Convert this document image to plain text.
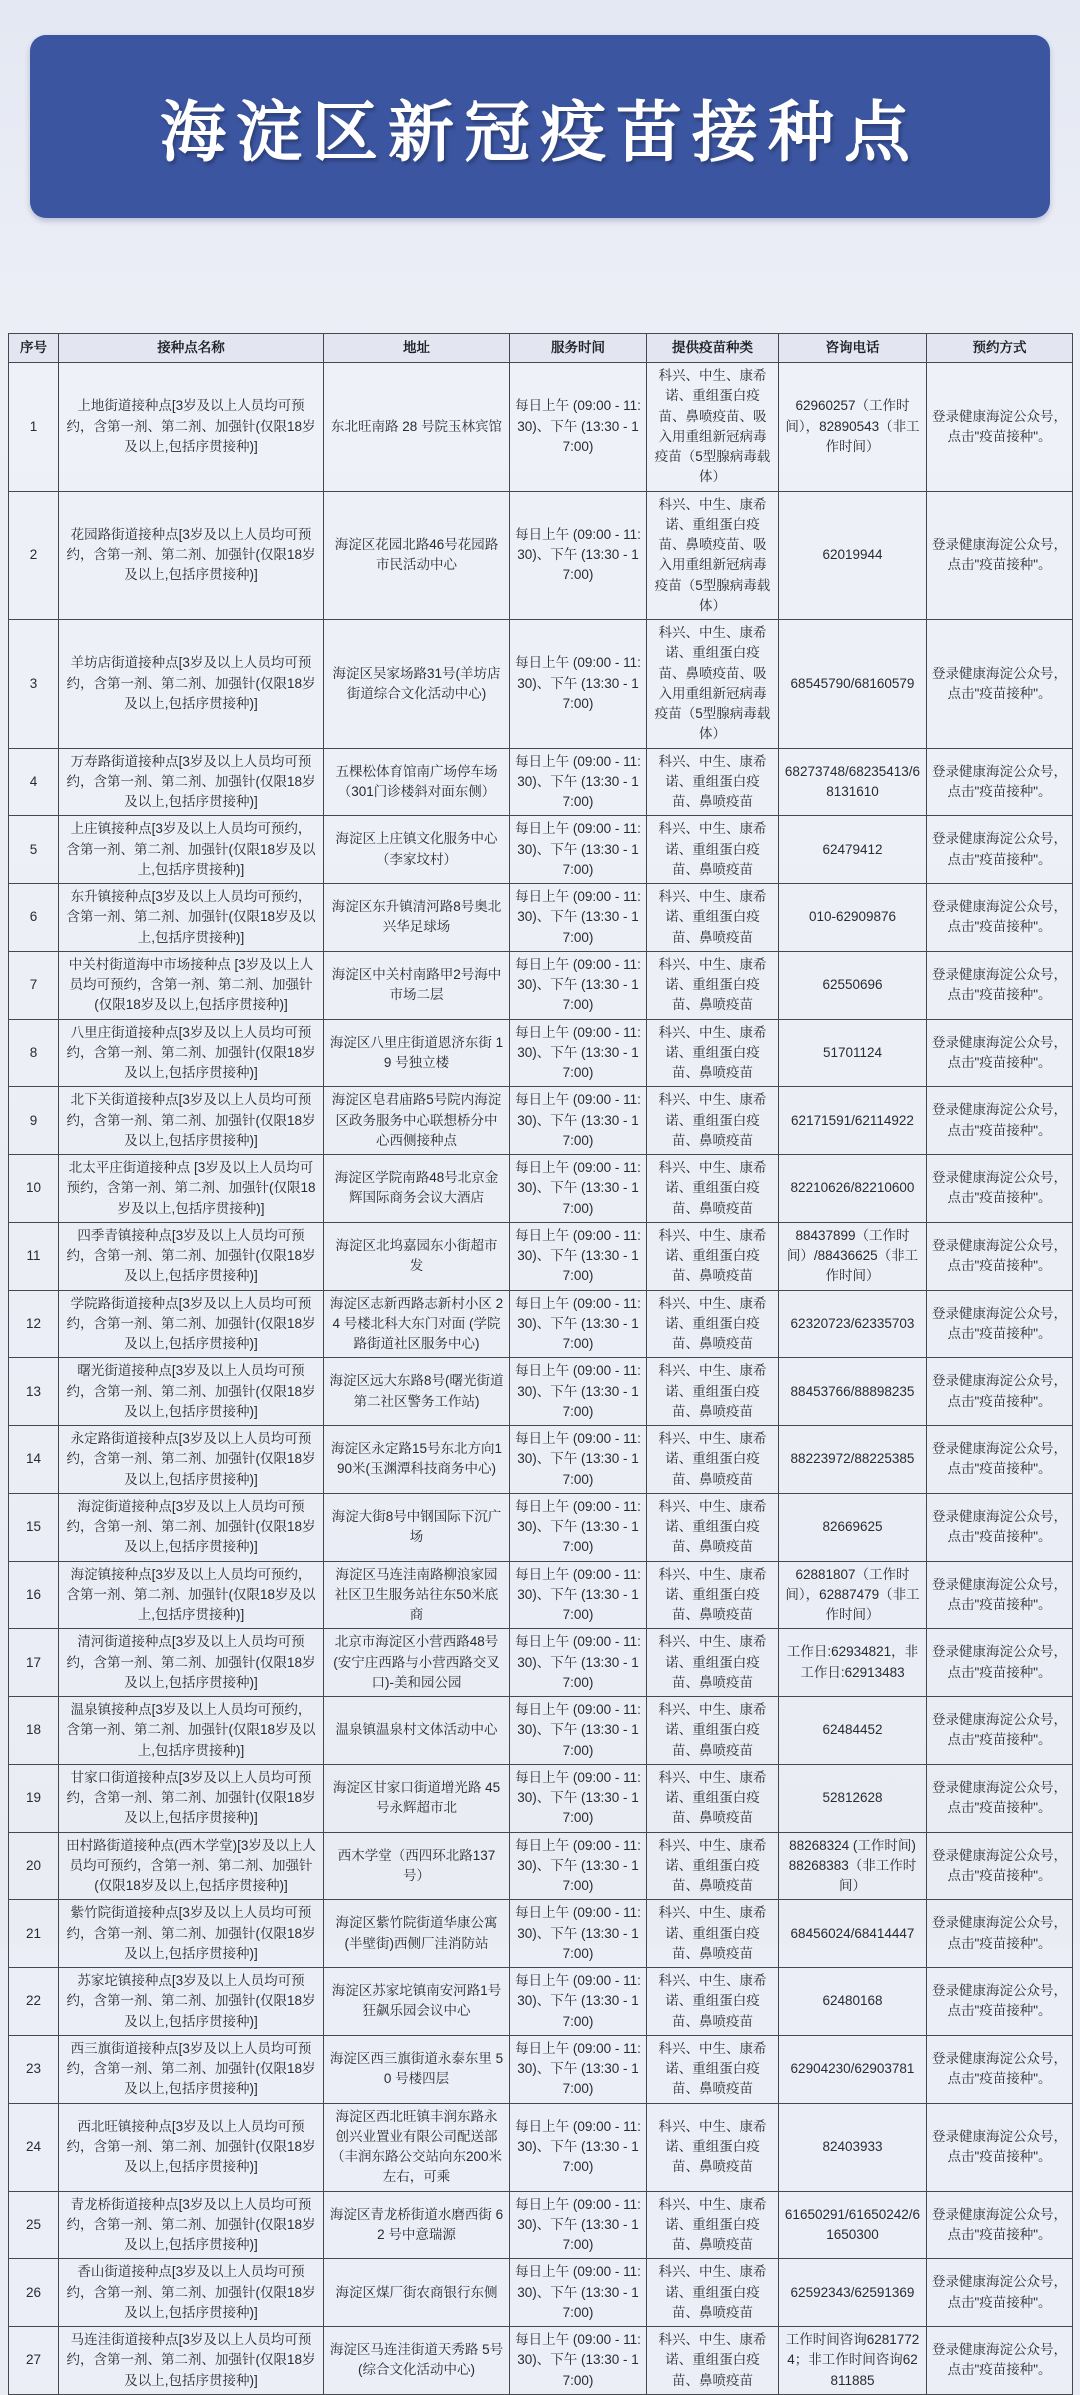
海淀区新冠疫苗接种点
序号	接种点名称	地址	服务时间	提供疫苗种类	咨询电话	预约方式
1	上地街道接种点[3岁及以上人员均可预约，含第一剂、第二剂、加强针(仅限18岁及以上,包括序贯接种)]	东北旺南路 28 号院玉林宾馆	每日上午 (09:00 - 11:30)、下午 (13:30 - 17:00)	科兴、中生、康希诺、重组蛋白疫苗、鼻喷疫苗、吸入用重组新冠病毒疫苗（5型腺病毒载体）	62960257（工作时间），82890543（非工作时间）	登录健康海淀公众号，点击"疫苗接种"。
2	花园路街道接种点[3岁及以上人员均可预约，含第一剂、第二剂、加强针(仅限18岁及以上,包括序贯接种)]	海淀区花园北路46号花园路市民活动中心	每日上午 (09:00 - 11:30)、下午 (13:30 - 17:00)	科兴、中生、康希诺、重组蛋白疫苗、鼻喷疫苗、吸入用重组新冠病毒疫苗（5型腺病毒载体）	62019944	登录健康海淀公众号，点击"疫苗接种"。
3	羊坊店街道接种点[3岁及以上人员均可预约，含第一剂、第二剂、加强针(仅限18岁及以上,包括序贯接种)]	海淀区吴家场路31号(羊坊店街道综合文化活动中心)	每日上午 (09:00 - 11:30)、下午 (13:30 - 17:00)	科兴、中生、康希诺、重组蛋白疫苗、鼻喷疫苗、吸入用重组新冠病毒疫苗（5型腺病毒载体）	68545790/68160579	登录健康海淀公众号，点击"疫苗接种"。
4	万寿路街道接种点[3岁及以上人员均可预约，含第一剂、第二剂、加强针(仅限18岁及以上,包括序贯接种)]	五棵松体育馆南广场停车场（301门诊楼斜对面东侧）	每日上午 (09:00 - 11:30)、下午 (13:30 - 17:00)	科兴、中生、康希诺、重组蛋白疫苗、鼻喷疫苗	68273748/68235413/68131610	登录健康海淀公众号，点击"疫苗接种"。
5	上庄镇接种点[3岁及以上人员均可预约，含第一剂、第二剂、加强针(仅限18岁及以上,包括序贯接种)]	海淀区上庄镇文化服务中心（李家坟村）	每日上午 (09:00 - 11:30)、下午 (13:30 - 17:00)	科兴、中生、康希诺、重组蛋白疫苗、鼻喷疫苗	62479412	登录健康海淀公众号，点击"疫苗接种"。
6	东升镇接种点[3岁及以上人员均可预约，含第一剂、第二剂、加强针(仅限18岁及以上,包括序贯接种)]	海淀区东升镇清河路8号奥北兴华足球场	每日上午 (09:00 - 11:30)、下午 (13:30 - 17:00)	科兴、中生、康希诺、重组蛋白疫苗、鼻喷疫苗	010-62909876	登录健康海淀公众号，点击"疫苗接种"。
7	中关村街道海中市场接种点 [3岁及以上人员均可预约，含第一剂、第二剂、加强针(仅限18岁及以上,包括序贯接种)]	海淀区中关村南路甲2号海中市场二层	每日上午 (09:00 - 11:30)、下午 (13:30 - 17:00)	科兴、中生、康希诺、重组蛋白疫苗、鼻喷疫苗	62550696	登录健康海淀公众号，点击"疫苗接种"。
8	八里庄街道接种点[3岁及以上人员均可预约，含第一剂、第二剂、加强针(仅限18岁及以上,包括序贯接种)]	海淀区八里庄街道恩济东街 19 号独立楼	每日上午 (09:00 - 11:30)、下午 (13:30 - 17:00)	科兴、中生、康希诺、重组蛋白疫苗、鼻喷疫苗	51701124	登录健康海淀公众号，点击"疫苗接种"。
9	北下关街道接种点[3岁及以上人员均可预约，含第一剂、第二剂、加强针(仅限18岁及以上,包括序贯接种)]	海淀区皂君庙路5号院内海淀区政务服务中心联想桥分中心西侧接种点	每日上午 (09:00 - 11:30)、下午 (13:30 - 17:00)	科兴、中生、康希诺、重组蛋白疫苗、鼻喷疫苗	62171591/62114922	登录健康海淀公众号，点击"疫苗接种"。
10	北太平庄街道接种点 [3岁及以上人员均可预约，含第一剂、第二剂、加强针(仅限18岁及以上,包括序贯接种)]	海淀区学院南路48号北京金辉国际商务会议大酒店	每日上午 (09:00 - 11:30)、下午 (13:30 - 17:00)	科兴、中生、康希诺、重组蛋白疫苗、鼻喷疫苗	82210626/82210600	登录健康海淀公众号，点击"疫苗接种"。
11	四季青镇接种点[3岁及以上人员均可预约，含第一剂、第二剂、加强针(仅限18岁及以上,包括序贯接种)]	海淀区北坞嘉园东小街超市发	每日上午 (09:00 - 11:30)、下午 (13:30 - 17:00)	科兴、中生、康希诺、重组蛋白疫苗、鼻喷疫苗	88437899（工作时间）/88436625（非工作时间）	登录健康海淀公众号，点击"疫苗接种"。
12	学院路街道接种点[3岁及以上人员均可预约，含第一剂、第二剂、加强针(仅限18岁及以上,包括序贯接种)]	海淀区志新西路志新村小区 24 号楼北科大东门对面 (学院路街道社区服务中心)	每日上午 (09:00 - 11:30)、下午 (13:30 - 17:00)	科兴、中生、康希诺、重组蛋白疫苗、鼻喷疫苗	62320723/62335703	登录健康海淀公众号，点击"疫苗接种"。
13	曙光街道接种点[3岁及以上人员均可预约，含第一剂、第二剂、加强针(仅限18岁及以上,包括序贯接种)]	海淀区远大东路8号(曙光街道第二社区警务工作站)	每日上午 (09:00 - 11:30)、下午 (13:30 - 17:00)	科兴、中生、康希诺、重组蛋白疫苗、鼻喷疫苗	88453766/88898235	登录健康海淀公众号，点击"疫苗接种"。
14	永定路街道接种点[3岁及以上人员均可预约，含第一剂、第二剂、加强针(仅限18岁及以上,包括序贯接种)]	海淀区永定路15号东北方向190米(玉渊潭科技商务中心)	每日上午 (09:00 - 11:30)、下午 (13:30 - 17:00)	科兴、中生、康希诺、重组蛋白疫苗、鼻喷疫苗	88223972/88225385	登录健康海淀公众号，点击"疫苗接种"。
15	海淀街道接种点[3岁及以上人员均可预约，含第一剂、第二剂、加强针(仅限18岁及以上,包括序贯接种)]	海淀大街8号中钢国际下沉广场	每日上午 (09:00 - 11:30)、下午 (13:30 - 17:00)	科兴、中生、康希诺、重组蛋白疫苗、鼻喷疫苗	82669625	登录健康海淀公众号，点击"疫苗接种"。
16	海淀镇接种点[3岁及以上人员均可预约，含第一剂、第二剂、加强针(仅限18岁及以上,包括序贯接种)]	海淀区马连洼南路柳浪家园社区卫生服务站往东50米底商	每日上午 (09:00 - 11:30)、下午 (13:30 - 17:00)	科兴、中生、康希诺、重组蛋白疫苗、鼻喷疫苗	62881807（工作时间），62887479（非工作时间）	登录健康海淀公众号，点击"疫苗接种"。
17	清河街道接种点[3岁及以上人员均可预约，含第一剂、第二剂、加强针(仅限18岁及以上,包括序贯接种)]	北京市海淀区小营西路48号(安宁庄西路与小营西路交叉口)-美和园公园	每日上午 (09:00 - 11:30)、下午 (13:30 - 17:00)	科兴、中生、康希诺、重组蛋白疫苗、鼻喷疫苗	工作日:62934821，非工作日:62913483	登录健康海淀公众号，点击"疫苗接种"。
18	温泉镇接种点[3岁及以上人员均可预约，含第一剂、第二剂、加强针(仅限18岁及以上,包括序贯接种)]	温泉镇温泉村文体活动中心	每日上午 (09:00 - 11:30)、下午 (13:30 - 17:00)	科兴、中生、康希诺、重组蛋白疫苗、鼻喷疫苗	62484452	登录健康海淀公众号，点击"疫苗接种"。
19	甘家口街道接种点[3岁及以上人员均可预约，含第一剂、第二剂、加强针(仅限18岁及以上,包括序贯接种)]	海淀区甘家口街道增光路 45 号永辉超市北	每日上午 (09:00 - 11:30)、下午 (13:30 - 17:00)	科兴、中生、康希诺、重组蛋白疫苗、鼻喷疫苗	52812628	登录健康海淀公众号，点击"疫苗接种"。
20	田村路街道接种点(西木学堂)[3岁及以上人员均可预约，含第一剂、第二剂、加强针(仅限18岁及以上,包括序贯接种)]	西木学堂（西四环北路137号）	每日上午 (09:00 - 11:30)、下午 (13:30 - 17:00)	科兴、中生、康希诺、重组蛋白疫苗、鼻喷疫苗	88268324 (工作时间) 88268383（非工作时间）	登录健康海淀公众号，点击"疫苗接种"。
21	紫竹院街道接种点[3岁及以上人员均可预约，含第一剂、第二剂、加强针(仅限18岁及以上,包括序贯接种)]	海淀区紫竹院街道华康公寓 (半壁街)西侧厂洼消防站	每日上午 (09:00 - 11:30)、下午 (13:30 - 17:00)	科兴、中生、康希诺、重组蛋白疫苗、鼻喷疫苗	68456024/68414447	登录健康海淀公众号，点击"疫苗接种"。
22	苏家坨镇接种点[3岁及以上人员均可预约，含第一剂、第二剂、加强针(仅限18岁及以上,包括序贯接种)]	海淀区苏家坨镇南安河路1号狂飙乐园会议中心	每日上午 (09:00 - 11:30)、下午 (13:30 - 17:00)	科兴、中生、康希诺、重组蛋白疫苗、鼻喷疫苗	62480168	登录健康海淀公众号，点击"疫苗接种"。
23	西三旗街道接种点[3岁及以上人员均可预约，含第一剂、第二剂、加强针(仅限18岁及以上,包括序贯接种)]	海淀区西三旗街道永泰东里 50 号楼四层	每日上午 (09:00 - 11:30)、下午 (13:30 - 17:00)	科兴、中生、康希诺、重组蛋白疫苗、鼻喷疫苗	62904230/62903781	登录健康海淀公众号，点击"疫苗接种"。
24	西北旺镇接种点[3岁及以上人员均可预约，含第一剂、第二剂、加强针(仅限18岁及以上,包括序贯接种)]	海淀区西北旺镇丰润东路永创兴业置业有限公司配送部（丰润东路公交站向东200米左右，可乘	每日上午 (09:00 - 11:30)、下午 (13:30 - 17:00)	科兴、中生、康希诺、重组蛋白疫苗、鼻喷疫苗	82403933	登录健康海淀公众号，点击"疫苗接种"。
25	青龙桥街道接种点[3岁及以上人员均可预约，含第一剂、第二剂、加强针(仅限18岁及以上,包括序贯接种)]	海淀区青龙桥街道水磨西街 62 号中意瑞源	每日上午 (09:00 - 11:30)、下午 (13:30 - 17:00)	科兴、中生、康希诺、重组蛋白疫苗、鼻喷疫苗	61650291/61650242/61650300	登录健康海淀公众号，点击"疫苗接种"。
26	香山街道接种点[3岁及以上人员均可预约，含第一剂、第二剂、加强针(仅限18岁及以上,包括序贯接种)]	海淀区煤厂街农商银行东侧	每日上午 (09:00 - 11:30)、下午 (13:30 - 17:00)	科兴、中生、康希诺、重组蛋白疫苗、鼻喷疫苗	62592343/62591369	登录健康海淀公众号，点击"疫苗接种"。
27	马连洼街道接种点[3岁及以上人员均可预约，含第一剂、第二剂、加强针(仅限18岁及以上,包括序贯接种)]	海淀区马连洼街道天秀路 5号(综合文化活动中心)	每日上午 (09:00 - 11:30)、下午 (13:30 - 17:00)	科兴、中生、康希诺、重组蛋白疫苗、鼻喷疫苗	工作时间咨询62817724；非工作时间咨询62811885	登录健康海淀公众号，点击"疫苗接种"。
